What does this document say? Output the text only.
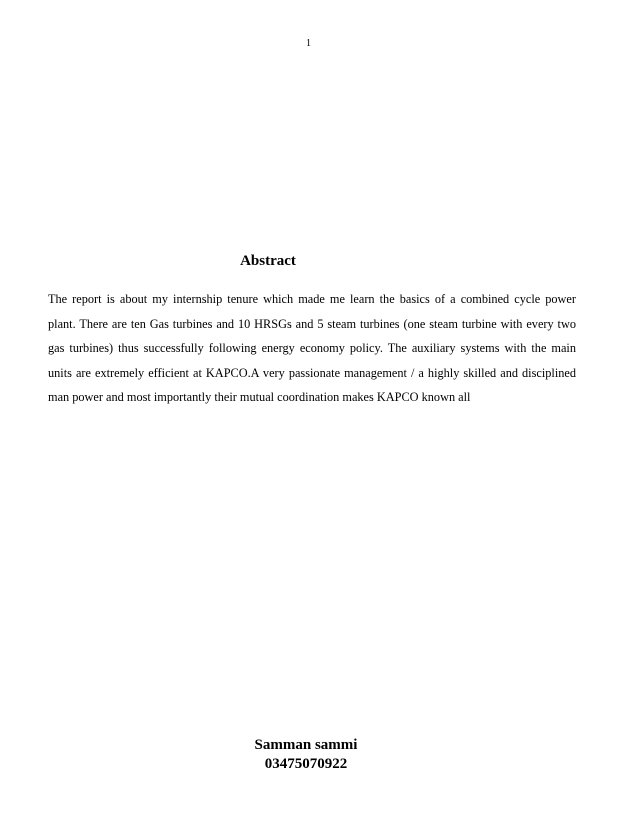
1
Abstract

The report is about my internship tenure which made me learn the basics of a combined cycle power
plant. There are ten Gas turbines and 10 HRSGs and 5 steam turbines (one steam turbine with every two
gas turbines) thus successfully following energy economy policy. The auxiliary systems with the main
units are extremely efficient at KAPCO.A very passionate management / a highly skilled and disciplined
man power and most importantly their mutual coordination makes KAPCO known all

Samman sammi
03475070922
